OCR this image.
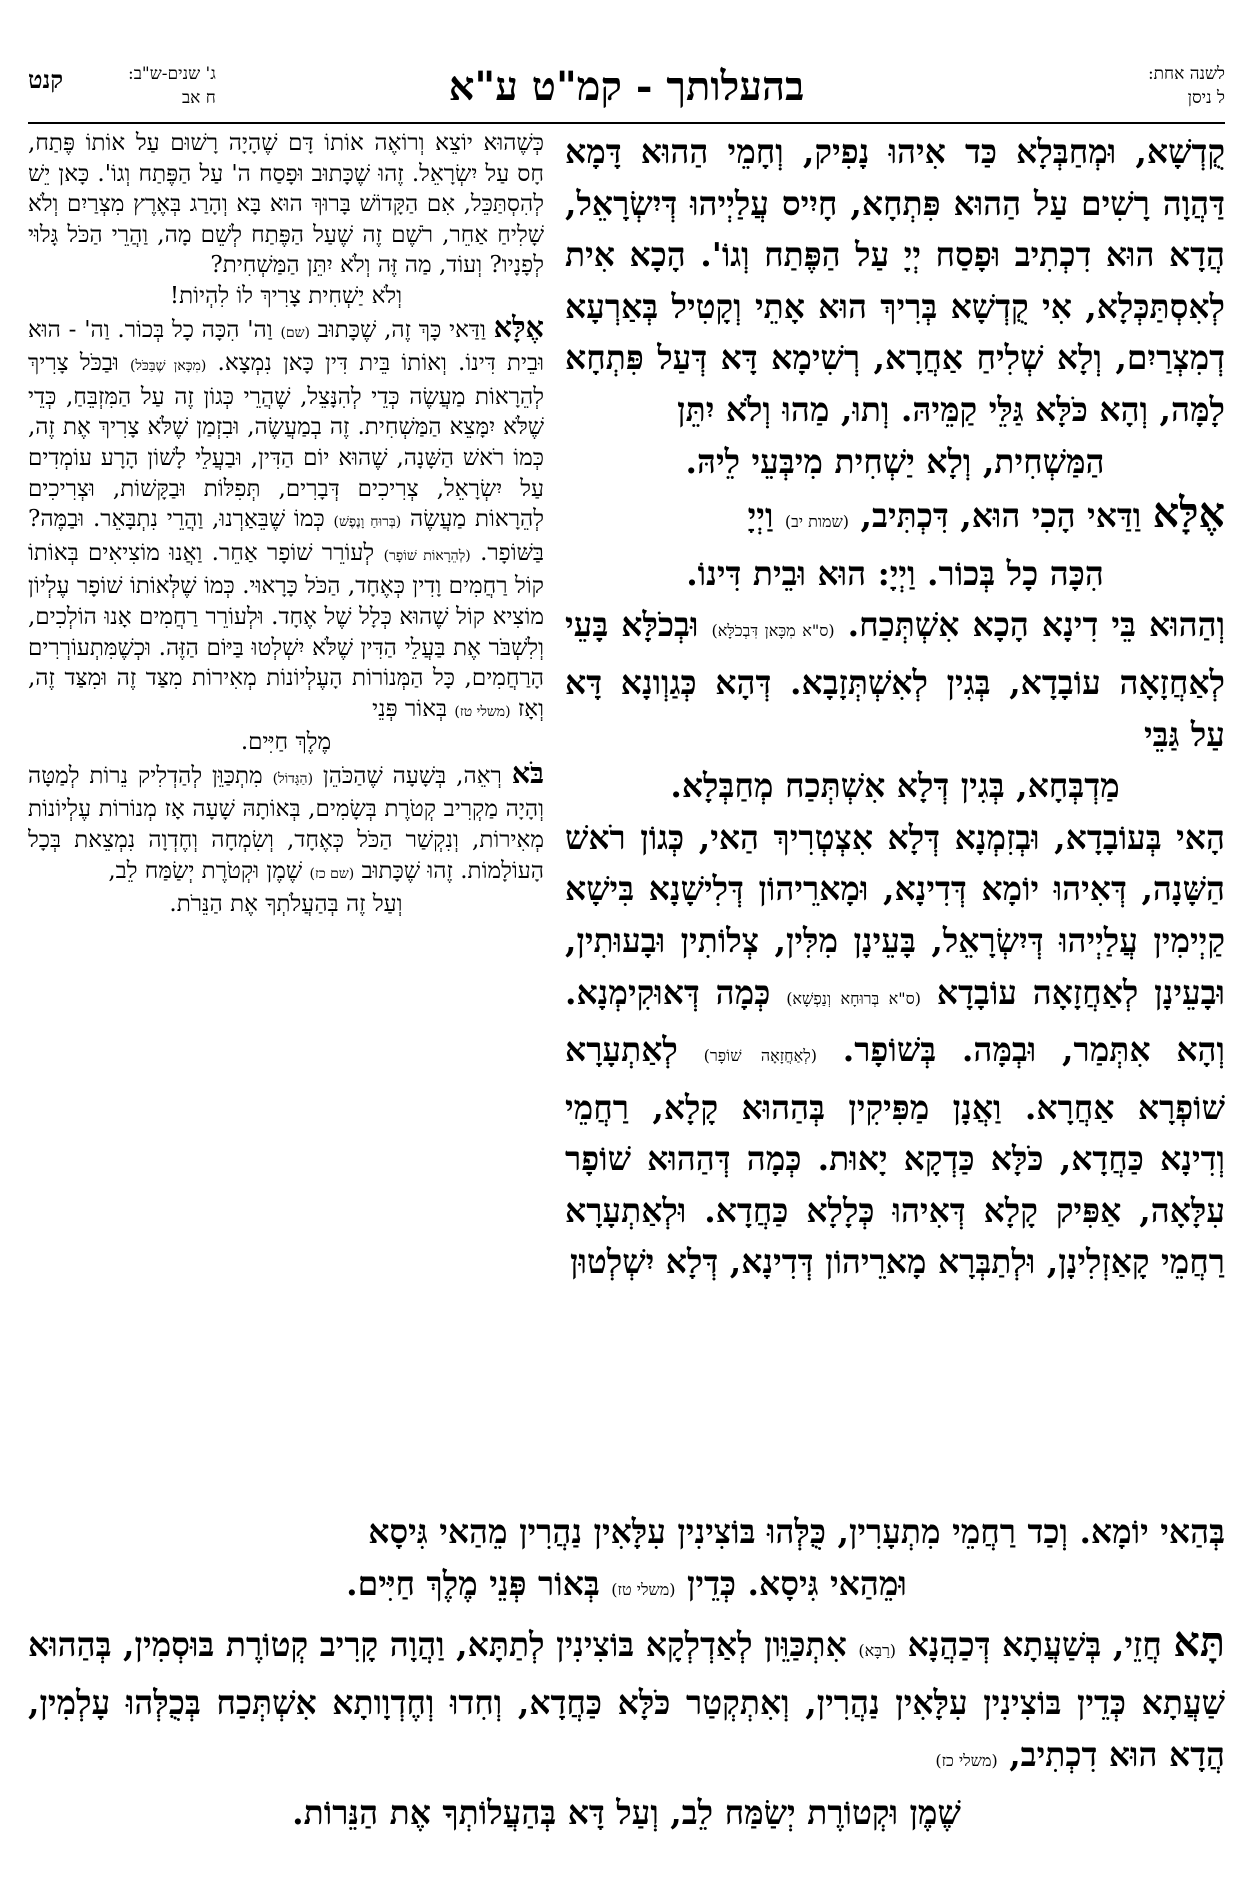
לשנה אחת:
ל ניסן
בהעלותך - קמ"ט ע"א
קנט	ג' שנים-ש"ב:
ח אב

קֻדְשָׁא, וּמְחַבְּלָא כַּד אִיהוּ נָפִיק, וְחָמֵי הַהוּא דָּמָא דַּהֲוָה רָשִׁים עַל הַהוּא פִּתְחָא, חָיִיס עֲלַיְיהוּ דְּיִשְׂרָאֵל, הֲדָא הוּא דִכְתִיב וּפָסַח יְיָ עַל הַפֶּתַח וְגוֹ'. הָכָא אִית לְאִסְתַּכְּלָא, אִי קֻדְשָׁא בְּרִיךְ הוּא אָתֵי וְקָטִיל בְּאַרְעָא דְמִצְרַיִם, וְלָא שְׁלִיחַ אַחֲרָא, רְשִׁימָא דָּא דְּעַל פִּתְחָא לָמָּה, וְהָא כֹּלָּא גַּלֵּי קַמֵּיהּ. וְתוּ, מַהוּ וְלֹא יִתֵּן

הַמַּשְׁחִית, וְלָא יַשְׁחִית מִיבְּעֵי לֵיהּ.

אֶלָּא וַדַּאי הָכִי הוּא, דִּכְתִּיב, (שמות יב) וַיְיָ

הִכָּה כָל בְּכוֹר. וַיְיָ: הוּא וּבֵית דִּינוֹ.

וְהַהוּא בֵּי דִינָא הָכָא אִשְׁתְּכַח. (ס"א מִכָּאן דִּבְכֹלָּא) וּבְכֹלָּא בָּעֵי לְאַחֲזָאָה עוֹבָדָא, בְּגִין לְאִשְׁתְּזָבָא. דְּהָא כְּגַוְונָא דָּא עַל גַּבֵּי

מַדְבְּחָא, בְּגִין דְּלָא אִשְׁתְּכַח מְחַבְּלָא.

הָאי בְּעוֹבָדָא, וּבְזִמְנָא דְּלָא אִצְטְרִיךְ הַאי, כְּגוֹן רֹאשׁ הַשָּׁנָה, דְּאִיהוּ יוֹמָא דְּדִינָא, וּמָארֵיהוֹן דְּלִישָׁנָא בִּישָׁא קַיְימִין עֲלַיְיהוּ דְּיִשְׂרָאֵל, בָּעֵינָן מִלִּין, צְלוֹתִין וּבָעוּתִין, וּבָעֵינָן לְאַחֲזָאָה עוֹבָדָא (ס"א בְּרוּחָא וְנַפְשָׁא) כְּמָה דְּאוּקִימְנָא. וְהָא אִתְּמַר, וּבְמָּה. בְּשׁוֹפָר. (לְאַחֲזָאָה שׁוֹפָר) לְאַתְעָרָא שׁוֹפְרָא אַחֲרָא. וַאֲנָן מַפִּיקִין בְּהַהוּא קָלָא, רַחֲמֵי וְדִינָא כַּחֲדָא, כֹּלָּא כַּדְקָא יָאוּת. כְּמָה דְּהַהוּא שׁוֹפָר עִלָּאָה, אַפִּיק קָלָא דְּאִיהוּ כְּלָלָא כַּחֲדָא. וּלְאַתְעָרָא רַחֲמֵי קָאַזְלִינָן, וּלְתַבְּרָא מָארֵיהוֹן דְּדִינָא, דְּלָא יִשְׁלְטוּן

כְּשֶׁהוּא יוֹצֵא וְרוֹאֶה אוֹתוֹ דָּם שֶׁהָיָה רָשׁוּם עַל אוֹתוֹ פֶּתַח, חָס עַל יִשְׂרָאֵל. זֶהוּ שֶׁכָּתוּב וּפָסַח ה' עַל הַפֶּתַח וְגוֹ'. כָּאן יֵשׁ לְהִסְתַּכֵּל, אִם הַקָּדוֹשׁ בָּרוּךְ הוּא בָּא וְהָרַג בְּאֶרֶץ מִצְרַיִם וְלֹא שָׁלִיחַ אַחֵר, רֹשֶׁם זֶה שֶׁעַל הַפֶּתַח לְשֵׁם מָה, וַהֲרֵי הַכֹּל גָּלוּי לְפָנָיו? וְעוֹד, מַה זֶּה וְלֹא יִתֵּן הַמַּשְׁחִית?

וְלֹא יַשְׁחִית צָרִיךְ לוֹ לִהְיוֹת!

אֶלָּא וַדַּאי כָּךְ זֶה, שֶׁכָּתוּב (שם) וַה' הִכָּה כָל בְּכוֹר. וַה' - הוּא וּבֵית דִּינוֹ. וְאוֹתוֹ בֵּית דִּין כָּאן נִמְצָא. (מִכָּאן שֶׁבַּכֹּל) וּבַכֹּל צָרִיךְ לְהֵרָאוֹת מַעֲשֶׂה כְּדֵי לְהִנָּצֵל, שֶׁהֲרֵי כְּגוֹן זֶה עַל הַמִּזְבֵּחַ, כְּדֵי שֶׁלֹּא יִמָּצֵא הַמַּשְׁחִית. זֶה בְמַעֲשֶׂה, וּבִזְמַן שֶׁלֹּא צָרִיךְ אֶת זֶה, כְּמוֹ רֹאשׁ הַשָּׁנָה, שֶׁהוּא יוֹם הַדִּין, וּבַעֲלֵי לָשׁוֹן הָרָע עוֹמְדִים עַל יִשְׂרָאֵל, צְרִיכִים דְּבָרִים, תְּפִלּוֹת וּבַקָּשׁוֹת, וּצְרִיכִים לְהֵרָאוֹת מַעֲשֶׂה (בְּרוּחַ וָנֶפֶשׁ) כְּמוֹ שֶׁבֵּאַרְנוּ, וַהֲרֵי נִתְבָּאֵר. וּבַמֶּה? בַּשּׁוֹפָר. (לְהֵרָאוֹת שׁוֹפָר) לְעוֹרֵר שׁוֹפָר אַחֵר. וַאֲנוּ מוֹצִיאִים בְּאוֹתוֹ קוֹל רַחֲמִים וָדִין כְּאֶחָד, הַכֹּל כָּרָאוּי. כְּמוֹ שֶׁלְּאוֹתוֹ שׁוֹפָר עֶלְיוֹן מוֹצִיא קוֹל שֶׁהוּא כְּלָל שֶׁל אֶחָד. וּלְעוֹרֵר רַחֲמִים אָנוּ הוֹלְכִים, וְלִשְׁבֹּר אֶת בַּעֲלֵי הַדִּין שֶׁלֹּא יִשְׁלְטוּ בַּיּוֹם הַזֶּה. וּכְשֶׁמִּתְעוֹרְרִים הָרַחֲמִים, כָּל הַמְּנוֹרוֹת הָעֶלְיוֹנוֹת מְאִירוֹת מִצַּד זֶה וּמִצַּד זֶה, וְאָז (משלי טז) בְּאוֹר פְּנֵי

מֶלֶךְ חַיִּים.

בֹּא רְאֵה, בְּשָׁעָה שֶׁהַכֹּהֵן (הַגָּדוֹל) מִתְכַּוֵּן לְהַדְלִיק נֵרוֹת לְמַטָּה וְהָיָה מַקְרִיב קְטֹרֶת בְּשָׂמִים, בְּאוֹתָהּ שָׁעָה אָז מְנוֹרוֹת עֶלְיוֹנוֹת מְאִירוֹת, וְנִקְשַׁר הַכֹּל כְּאֶחָד, וְשִׂמְחָה וְחֶדְוָה נִמְצֵאת בְּכָל הָעוֹלָמוֹת. זֶהוּ שֶׁכָּתוּב (שם כז) שֶׁמֶן וּקְטֹרֶת יְשַׂמַּח לֵב,

וְעַל זֶה בְּהַעֲלֹתְךָ אֶת הַנֵּרֹת.

בְּהַאי יוֹמָא. וְכַד רַחֲמֵי מִתְעָרִין, כֻּלְּהוּ בּוֹצִינִין עִלָּאִין נַהֲרִין מֵהַאי גִּיסָא

וּמֵהַאי גִּיסָא. כְּדֵין (משלי טז) בְּאוֹר פְּנֵי מֶלֶךְ חַיִּים.

תָּא חֲזֵי, בְּשַׁעֲתָא דְּכַהֲנָא (רַבָּא) אִתְכַּוֵּון לְאַדְלְקָא בּוֹצִינִין לְתַתָּא, וַהֲוָה קָרִיב קְטוֹרֶת בּוּסְמִין, בְּהַהוּא שַׁעֲתָא כְּדֵין בּוֹצִינִין עִלָּאִין נַהֲרִין, וְאִתְקְטַר כֹּלָּא כַּחֲדָא, וְחִדוּ וְחֶדְוָותָא אִשְׁתְּכַח בְּכֻלְּהוּ עָלְמִין, הֲדָא הוּא דִכְתִיב, (משלי כז)

שֶׁמֶן וּקְטוֹרֶת יְשַׂמַּח לֵב, וְעַל דָּא בְּהַעֲלוֹתְךָ אֶת הַנֵּרוֹת.
